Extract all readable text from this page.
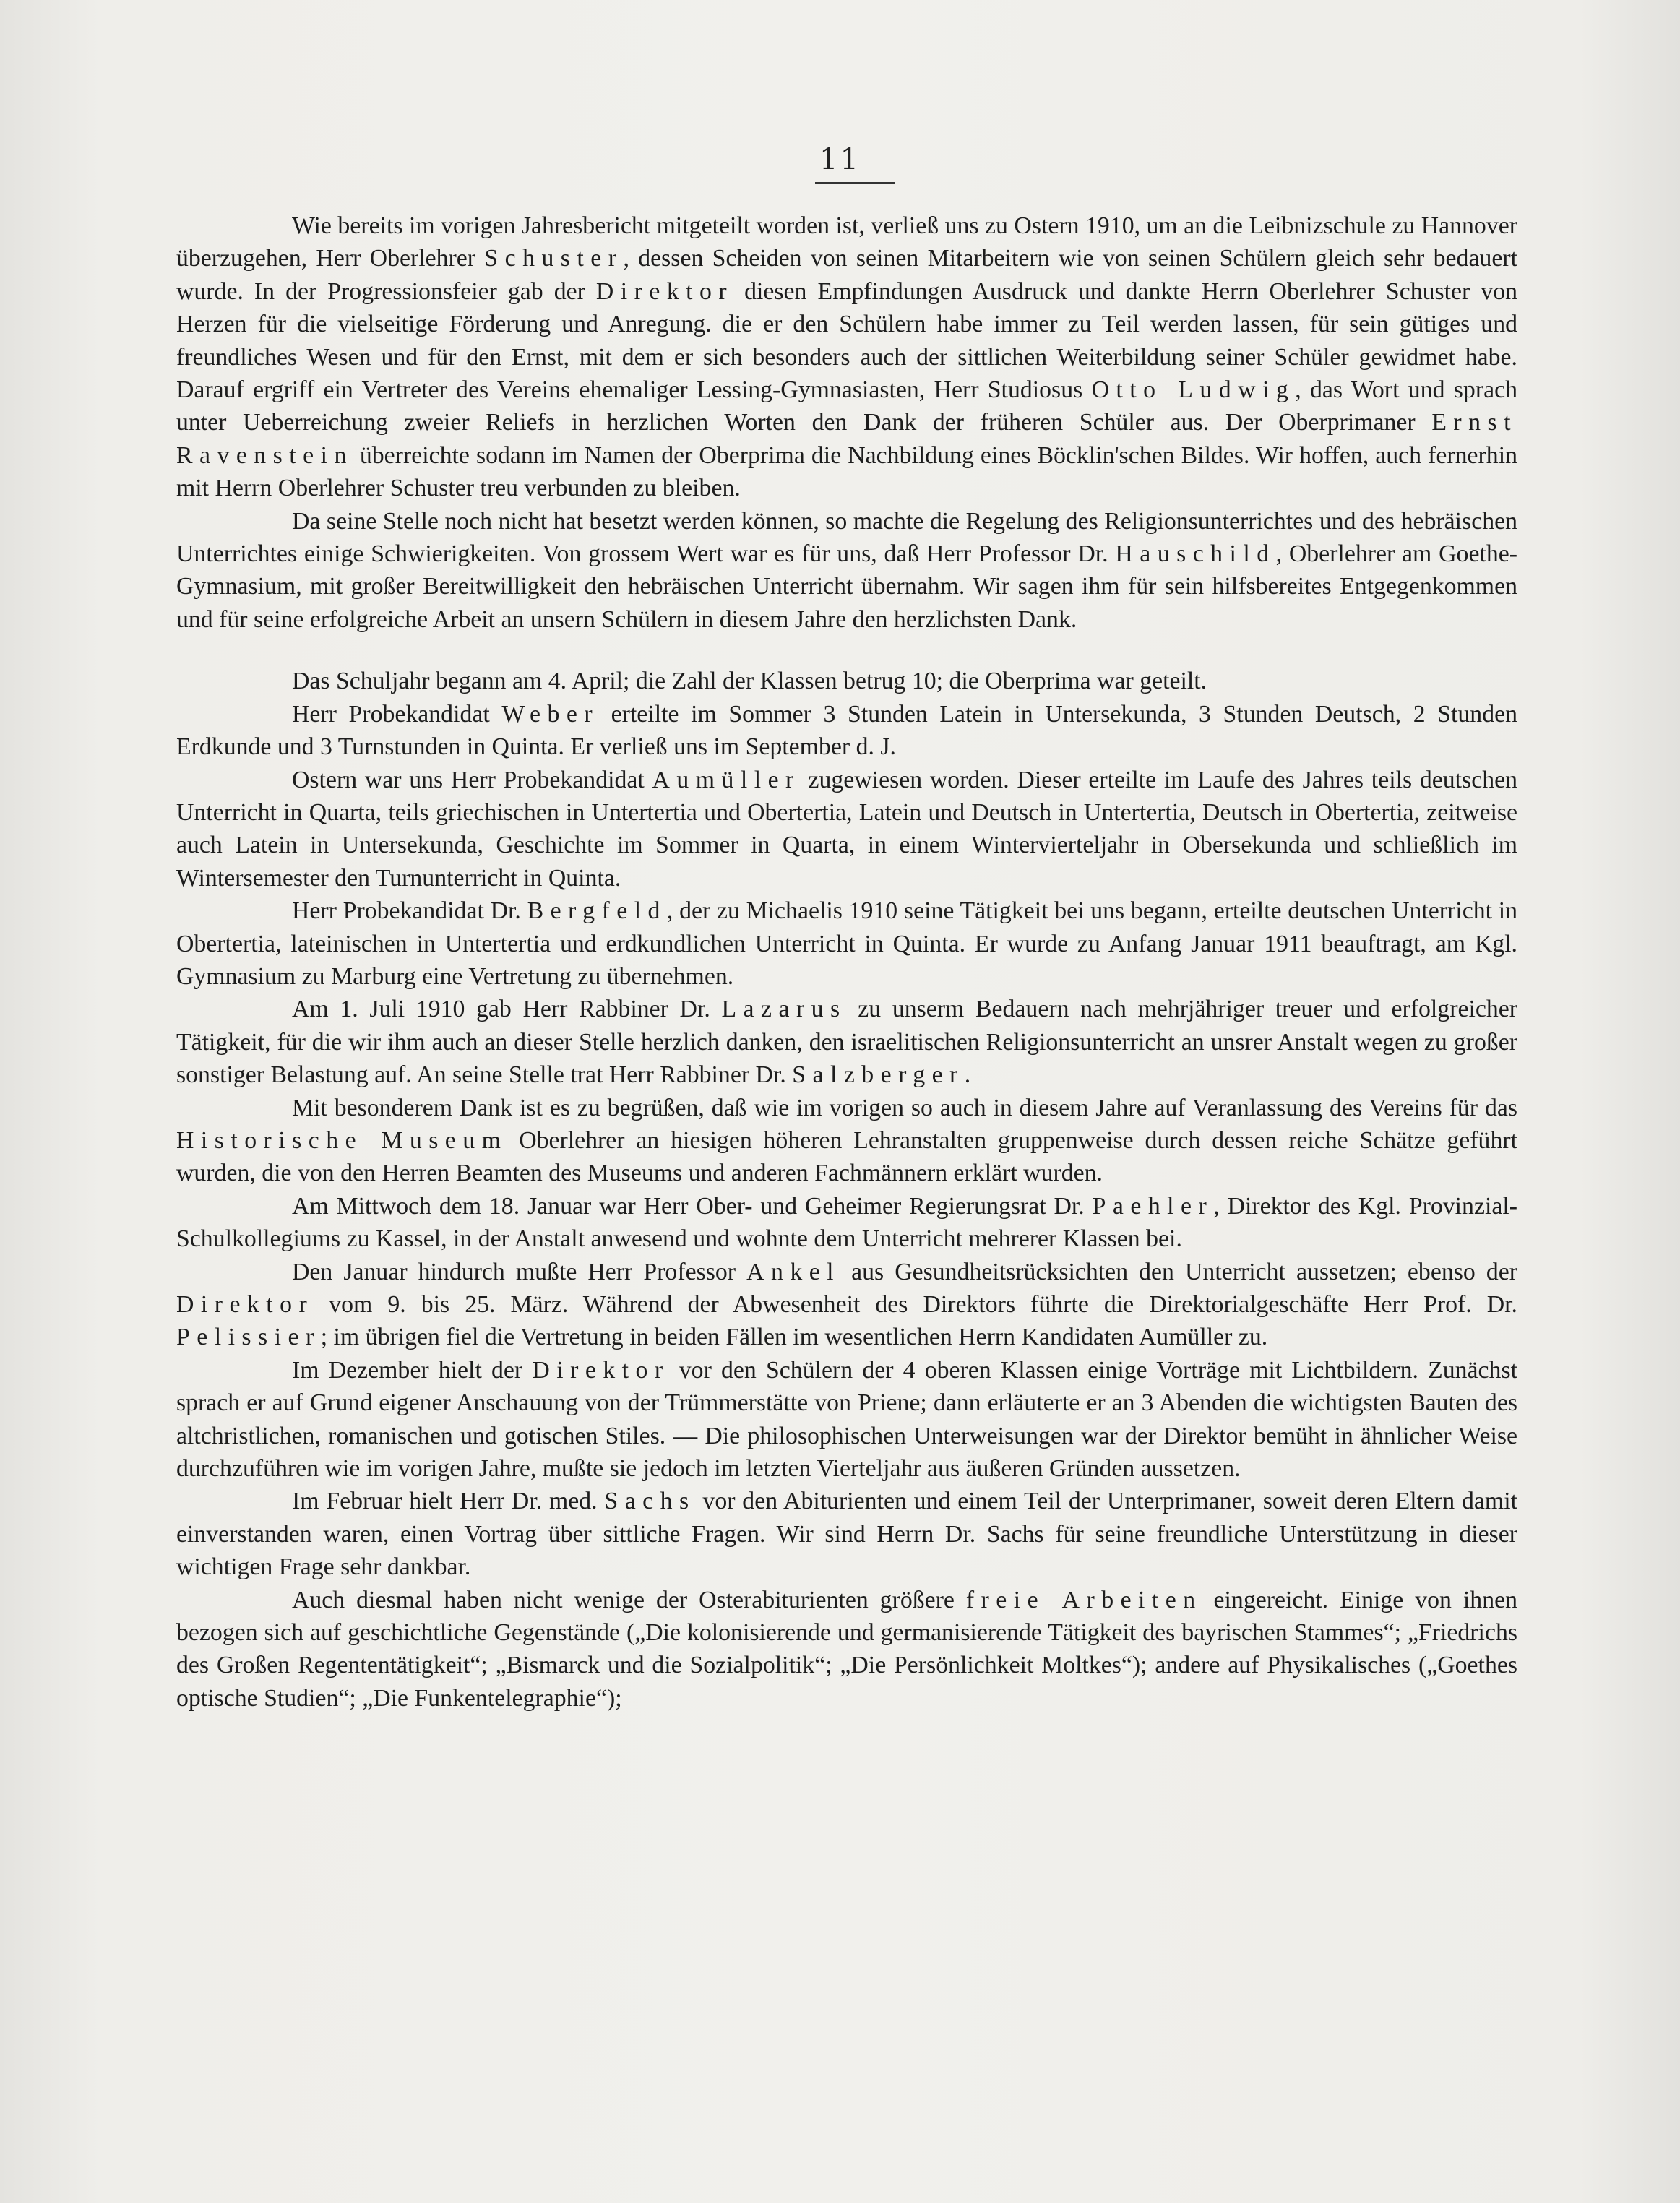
11

Wie bereits im vorigen Jahresbericht mitgeteilt worden ist, verließ uns zu Ostern 1910, um an die Leibnizschule zu Hannover überzugehen, Herr Oberlehrer Schuster, dessen Scheiden von seinen Mitarbeitern wie von seinen Schülern gleich sehr bedauert wurde. In der Progressionsfeier gab der Direktor diesen Empfindungen Ausdruck und dankte Herrn Oberlehrer Schuster von Herzen für die vielseitige Förderung und Anregung. die er den Schülern habe immer zu Teil werden lassen, für sein gütiges und freundliches Wesen und für den Ernst, mit dem er sich besonders auch der sittlichen Weiterbildung seiner Schüler gewidmet habe. Darauf ergriff ein Vertreter des Vereins ehemaliger Lessing-Gymnasiasten, Herr Studiosus Otto Ludwig, das Wort und sprach unter Ueberreichung zweier Reliefs in herzlichen Worten den Dank der früheren Schüler aus. Der Oberprimaner Ernst Ravenstein überreichte sodann im Namen der Oberprima die Nachbildung eines Böcklin'schen Bildes. Wir hoffen, auch fernerhin mit Herrn Oberlehrer Schuster treu verbunden zu bleiben.

Da seine Stelle noch nicht hat besetzt werden können, so machte die Regelung des Religionsunterrichtes und des hebräischen Unterrichtes einige Schwierigkeiten. Von grossem Wert war es für uns, daß Herr Professor Dr. Hauschild, Oberlehrer am Goethe-Gymnasium, mit großer Bereitwilligkeit den hebräischen Unterricht übernahm. Wir sagen ihm für sein hilfsbereites Entgegenkommen und für seine erfolgreiche Arbeit an unsern Schülern in diesem Jahre den herzlichsten Dank.

Das Schuljahr begann am 4. April; die Zahl der Klassen betrug 10; die Oberprima war geteilt.

Herr Probekandidat Weber erteilte im Sommer 3 Stunden Latein in Untersekunda, 3 Stunden Deutsch, 2 Stunden Erdkunde und 3 Turnstunden in Quinta. Er verließ uns im September d. J.

Ostern war uns Herr Probekandidat Aumüller zugewiesen worden. Dieser erteilte im Laufe des Jahres teils deutschen Unterricht in Quarta, teils griechischen in Untertertia und Obertertia, Latein und Deutsch in Untertertia, Deutsch in Obertertia, zeitweise auch Latein in Untersekunda, Geschichte im Sommer in Quarta, in einem Wintervierteljahr in Obersekunda und schließlich im Wintersemester den Turnunterricht in Quinta.

Herr Probekandidat Dr. Bergfeld, der zu Michaelis 1910 seine Tätigkeit bei uns begann, erteilte deutschen Unterricht in Obertertia, lateinischen in Untertertia und erdkundlichen Unterricht in Quinta. Er wurde zu Anfang Januar 1911 beauftragt, am Kgl. Gymnasium zu Marburg eine Vertretung zu übernehmen.

Am 1. Juli 1910 gab Herr Rabbiner Dr. Lazarus zu unserm Bedauern nach mehrjähriger treuer und erfolgreicher Tätigkeit, für die wir ihm auch an dieser Stelle herzlich danken, den israelitischen Religionsunterricht an unsrer Anstalt wegen zu großer sonstiger Belastung auf. An seine Stelle trat Herr Rabbiner Dr. Salzberger.

Mit besonderem Dank ist es zu begrüßen, daß wie im vorigen so auch in diesem Jahre auf Veranlassung des Vereins für das Historische Museum Oberlehrer an hiesigen höheren Lehranstalten gruppenweise durch dessen reiche Schätze geführt wurden, die von den Herren Beamten des Museums und anderen Fachmännern erklärt wurden.

Am Mittwoch dem 18. Januar war Herr Ober- und Geheimer Regierungsrat Dr. Paehler, Direktor des Kgl. Provinzial-Schulkollegiums zu Kassel, in der Anstalt anwesend und wohnte dem Unterricht mehrerer Klassen bei.

Den Januar hindurch mußte Herr Professor Ankel aus Gesundheitsrücksichten den Unterricht aussetzen; ebenso der Direktor vom 9. bis 25. März. Während der Abwesenheit des Direktors führte die Direktorialgeschäfte Herr Prof. Dr. Pelissier; im übrigen fiel die Vertretung in beiden Fällen im wesentlichen Herrn Kandidaten Aumüller zu.

Im Dezember hielt der Direktor vor den Schülern der 4 oberen Klassen einige Vorträge mit Lichtbildern. Zunächst sprach er auf Grund eigener Anschauung von der Trümmerstätte von Priene; dann erläuterte er an 3 Abenden die wichtigsten Bauten des altchristlichen, romanischen und gotischen Stiles. — Die philosophischen Unterweisungen war der Direktor bemüht in ähnlicher Weise durchzuführen wie im vorigen Jahre, mußte sie jedoch im letzten Vierteljahr aus äußeren Gründen aussetzen.

Im Februar hielt Herr Dr. med. Sachs vor den Abiturienten und einem Teil der Unterprimaner, soweit deren Eltern damit einverstanden waren, einen Vortrag über sittliche Fragen. Wir sind Herrn Dr. Sachs für seine freundliche Unterstützung in dieser wichtigen Frage sehr dankbar.

Auch diesmal haben nicht wenige der Osterabiturienten größere freie Arbeiten eingereicht. Einige von ihnen bezogen sich auf geschichtliche Gegenstände („Die kolonisierende und germanisierende Tätigkeit des bayrischen Stammes“; „Friedrichs des Großen Regententätigkeit“; „Bismarck und die Sozialpolitik“; „Die Persönlichkeit Moltkes“); andere auf Physikalisches („Goethes optische Studien“; „Die Funkentelegraphie“);
